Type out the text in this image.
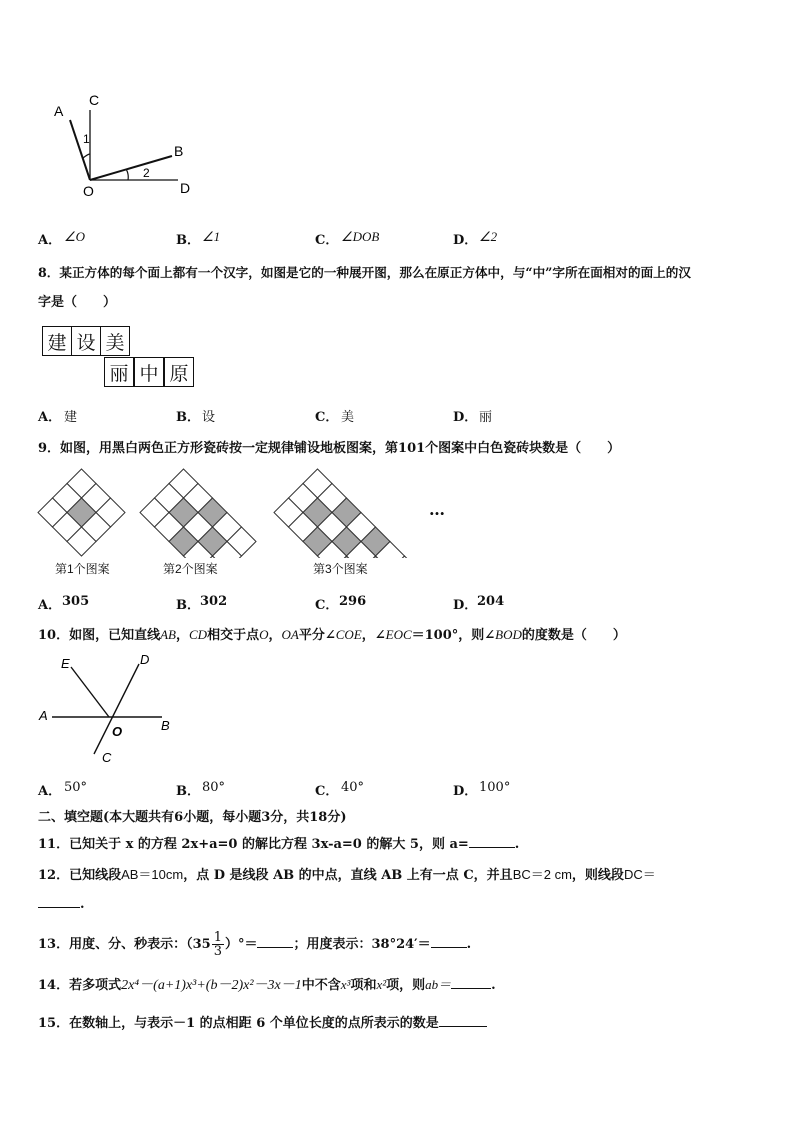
A
C
1
B
2
O	D
A． ∠O	B． ∠1	C． ∠DOB	D． ∠2
8．某正方体的每个面上都有一个汉字，如图是它的一种展开图，那么在原正方体中，与“中”字所在面相对的面上的汉
字是（　　）
建 设 美
丽 中 原
A． 建	B． 设	C． 美	D． 丽
9．如图，用黑白两色正方形瓷砖按一定规律铺设地板图案，第101个图案中白色瓷砖块数是（　　）
第1个图案	第2个图案	第3个图案
…
A． 305	B． 302	C． 296	D． 204
10．如图，已知直线AB，CD相交于点O，OA平分∠COE，∠EOC＝100°，则∠BOD的度数是（　　）
E	D
A
O	B
C
A． 50°	B． 80°	C． 40°	D． 100°
二、填空题(本大题共有6小题，每小题3分，共18分)
11．已知关于 x 的方程 2x+a=0 的解比方程 3x-a=0 的解大 5，则 a=	.
12．已知线段AB＝10cm，点 D 是线段 AB 的中点，直线 AB 上有一点 C，并且BC＝2 cm，则线段DC＝
.
13．用度、分、秒表示：（$35 \frac{1}{3}$ ）°＝	；用度表示：38°24′＝	.
14．若多项式2x⁴－(a+1)x³+(b－2)x²－3x－1中不含x³项和x²项，则ab＝	.
15．在数轴上，与表示－1 的点相距 6 个单位长度的点所表示的数是
